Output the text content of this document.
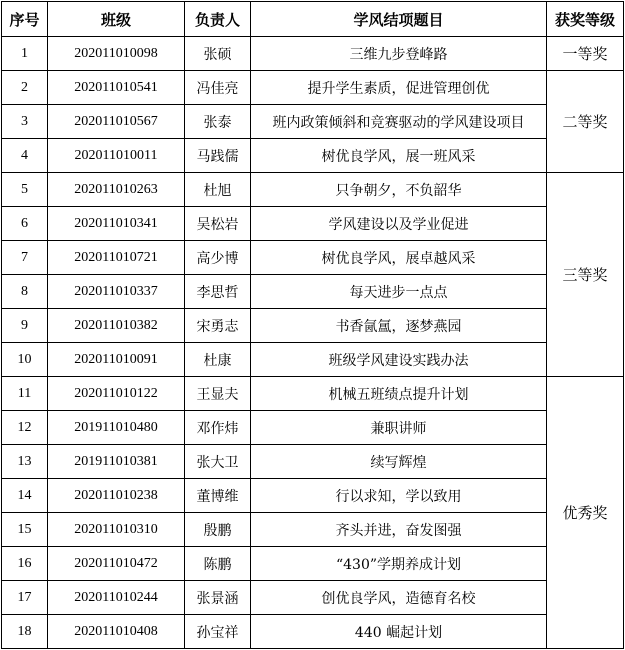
序号	班级	负责人	学风结项题目	获奖等级
1	202011010098	张硕	三维九步登峰路	一等奖
2	202011010541	冯佳亮	提升学生素质，促进管理创优	二等奖
3	202011010567	张泰	班内政策倾斜和竞赛驱动的学风建设项目	
4	202011010011	马践儒	树优良学风，展一班风采	
5	202011010263	杜旭	只争朝夕，不负韶华	三等奖
6	202011010341	吴松岩	学风建设以及学业促进	
7	202011010721	高少博	树优良学风，展卓越风采	
8	202011010337	李思哲	每天进步一点点	
9	202011010382	宋勇志	书香氤氲，逐梦燕园	
10	202011010091	杜康	班级学风建设实践办法	
11	202011010122	王显夫	机械五班绩点提升计划	优秀奖
12	201911010480	邓作炜	兼职讲师	
13	201911010381	张大卫	续写辉煌	
14	202011010238	董博维	行以求知，学以致用	
15	202011010310	殷鹏	齐头并进，奋发图强	
16	202011010472	陈鹏	“430”学期养成计划	
17	202011010244	张景涵	创优良学风，造德育名校	
18	202011010408	孙宝祥	440 崛起计划	
